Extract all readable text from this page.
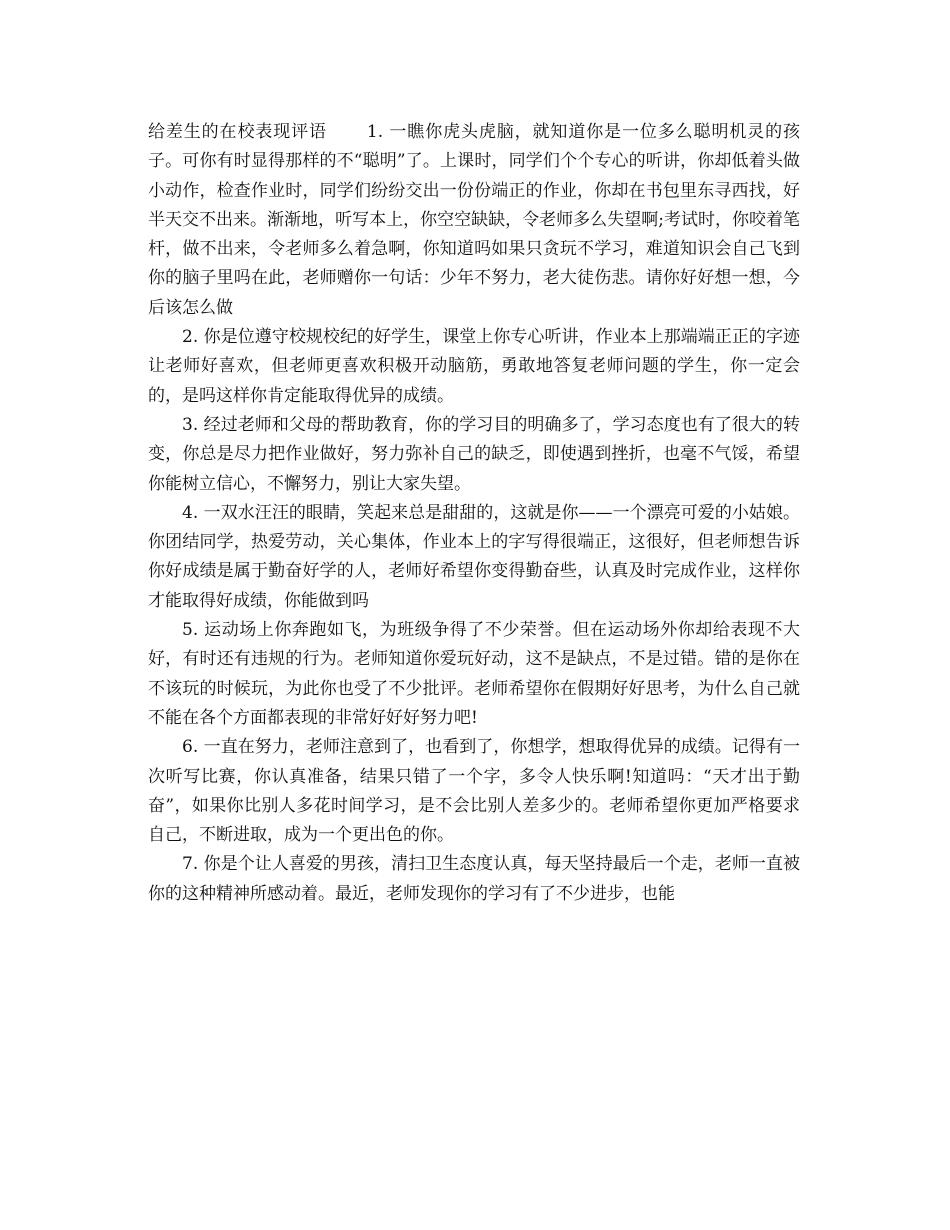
给差生的在校表现评语 1. 一瞧你虎头虎脑，就知道你是一位多么聪明机灵的孩子。可你有时显得那样的不“聪明”了。上课时，同学们个个专心的听讲，你却低着头做小动作，检查作业时，同学们纷纷交出一份份端正的作业，你却在书包里东寻西找，好半天交不出来。渐渐地，听写本上，你空空缺缺，令老师多么失望啊;考试时，你咬着笔杆，做不出来，令老师多么着急啊，你知道吗如果只贪玩不学习，难道知识会自己飞到你的脑子里吗在此，老师赠你一句话：少年不努力，老大徒伤悲。请你好好想一想，今后该怎么做

2. 你是位遵守校规校纪的好学生，课堂上你专心听讲，作业本上那端端正正的字迹让老师好喜欢，但老师更喜欢积极开动脑筋，勇敢地答复老师问题的学生，你一定会的，是吗这样你肯定能取得优异的成绩。

3. 经过老师和父母的帮助教育，你的学习目的明确多了，学习态度也有了很大的转变，你总是尽力把作业做好，努力弥补自己的缺乏，即使遇到挫折，也毫不气馁，希望你能树立信心，不懈努力，别让大家失望。

4. 一双水汪汪的眼睛，笑起来总是甜甜的，这就是你——一个漂亮可爱的小姑娘。你团结同学，热爱劳动，关心集体，作业本上的字写得很端正，这很好，但老师想告诉你好成绩是属于勤奋好学的人，老师好希望你变得勤奋些，认真及时完成作业，这样你才能取得好成绩，你能做到吗

5. 运动场上你奔跑如飞，为班级争得了不少荣誉。但在运动场外你却给表现不大好，有时还有违规的行为。老师知道你爱玩好动，这不是缺点，不是过错。错的是你在不该玩的时候玩，为此你也受了不少批评。老师希望你在假期好好思考，为什么自己就不能在各个方面都表现的非常好好好努力吧!

6. 一直在努力，老师注意到了，也看到了，你想学，想取得优异的成绩。记得有一次听写比赛，你认真准备，结果只错了一个字，多令人快乐啊!知道吗：“天才出于勤奋”，如果你比别人多花时间学习，是不会比别人差多少的。老师希望你更加严格要求自己，不断进取，成为一个更出色的你。

7. 你是个让人喜爱的男孩，清扫卫生态度认真，每天坚持最后一个走，老师一直被你的这种精神所感动着。最近，老师发现你的学习有了不少进步，也能
